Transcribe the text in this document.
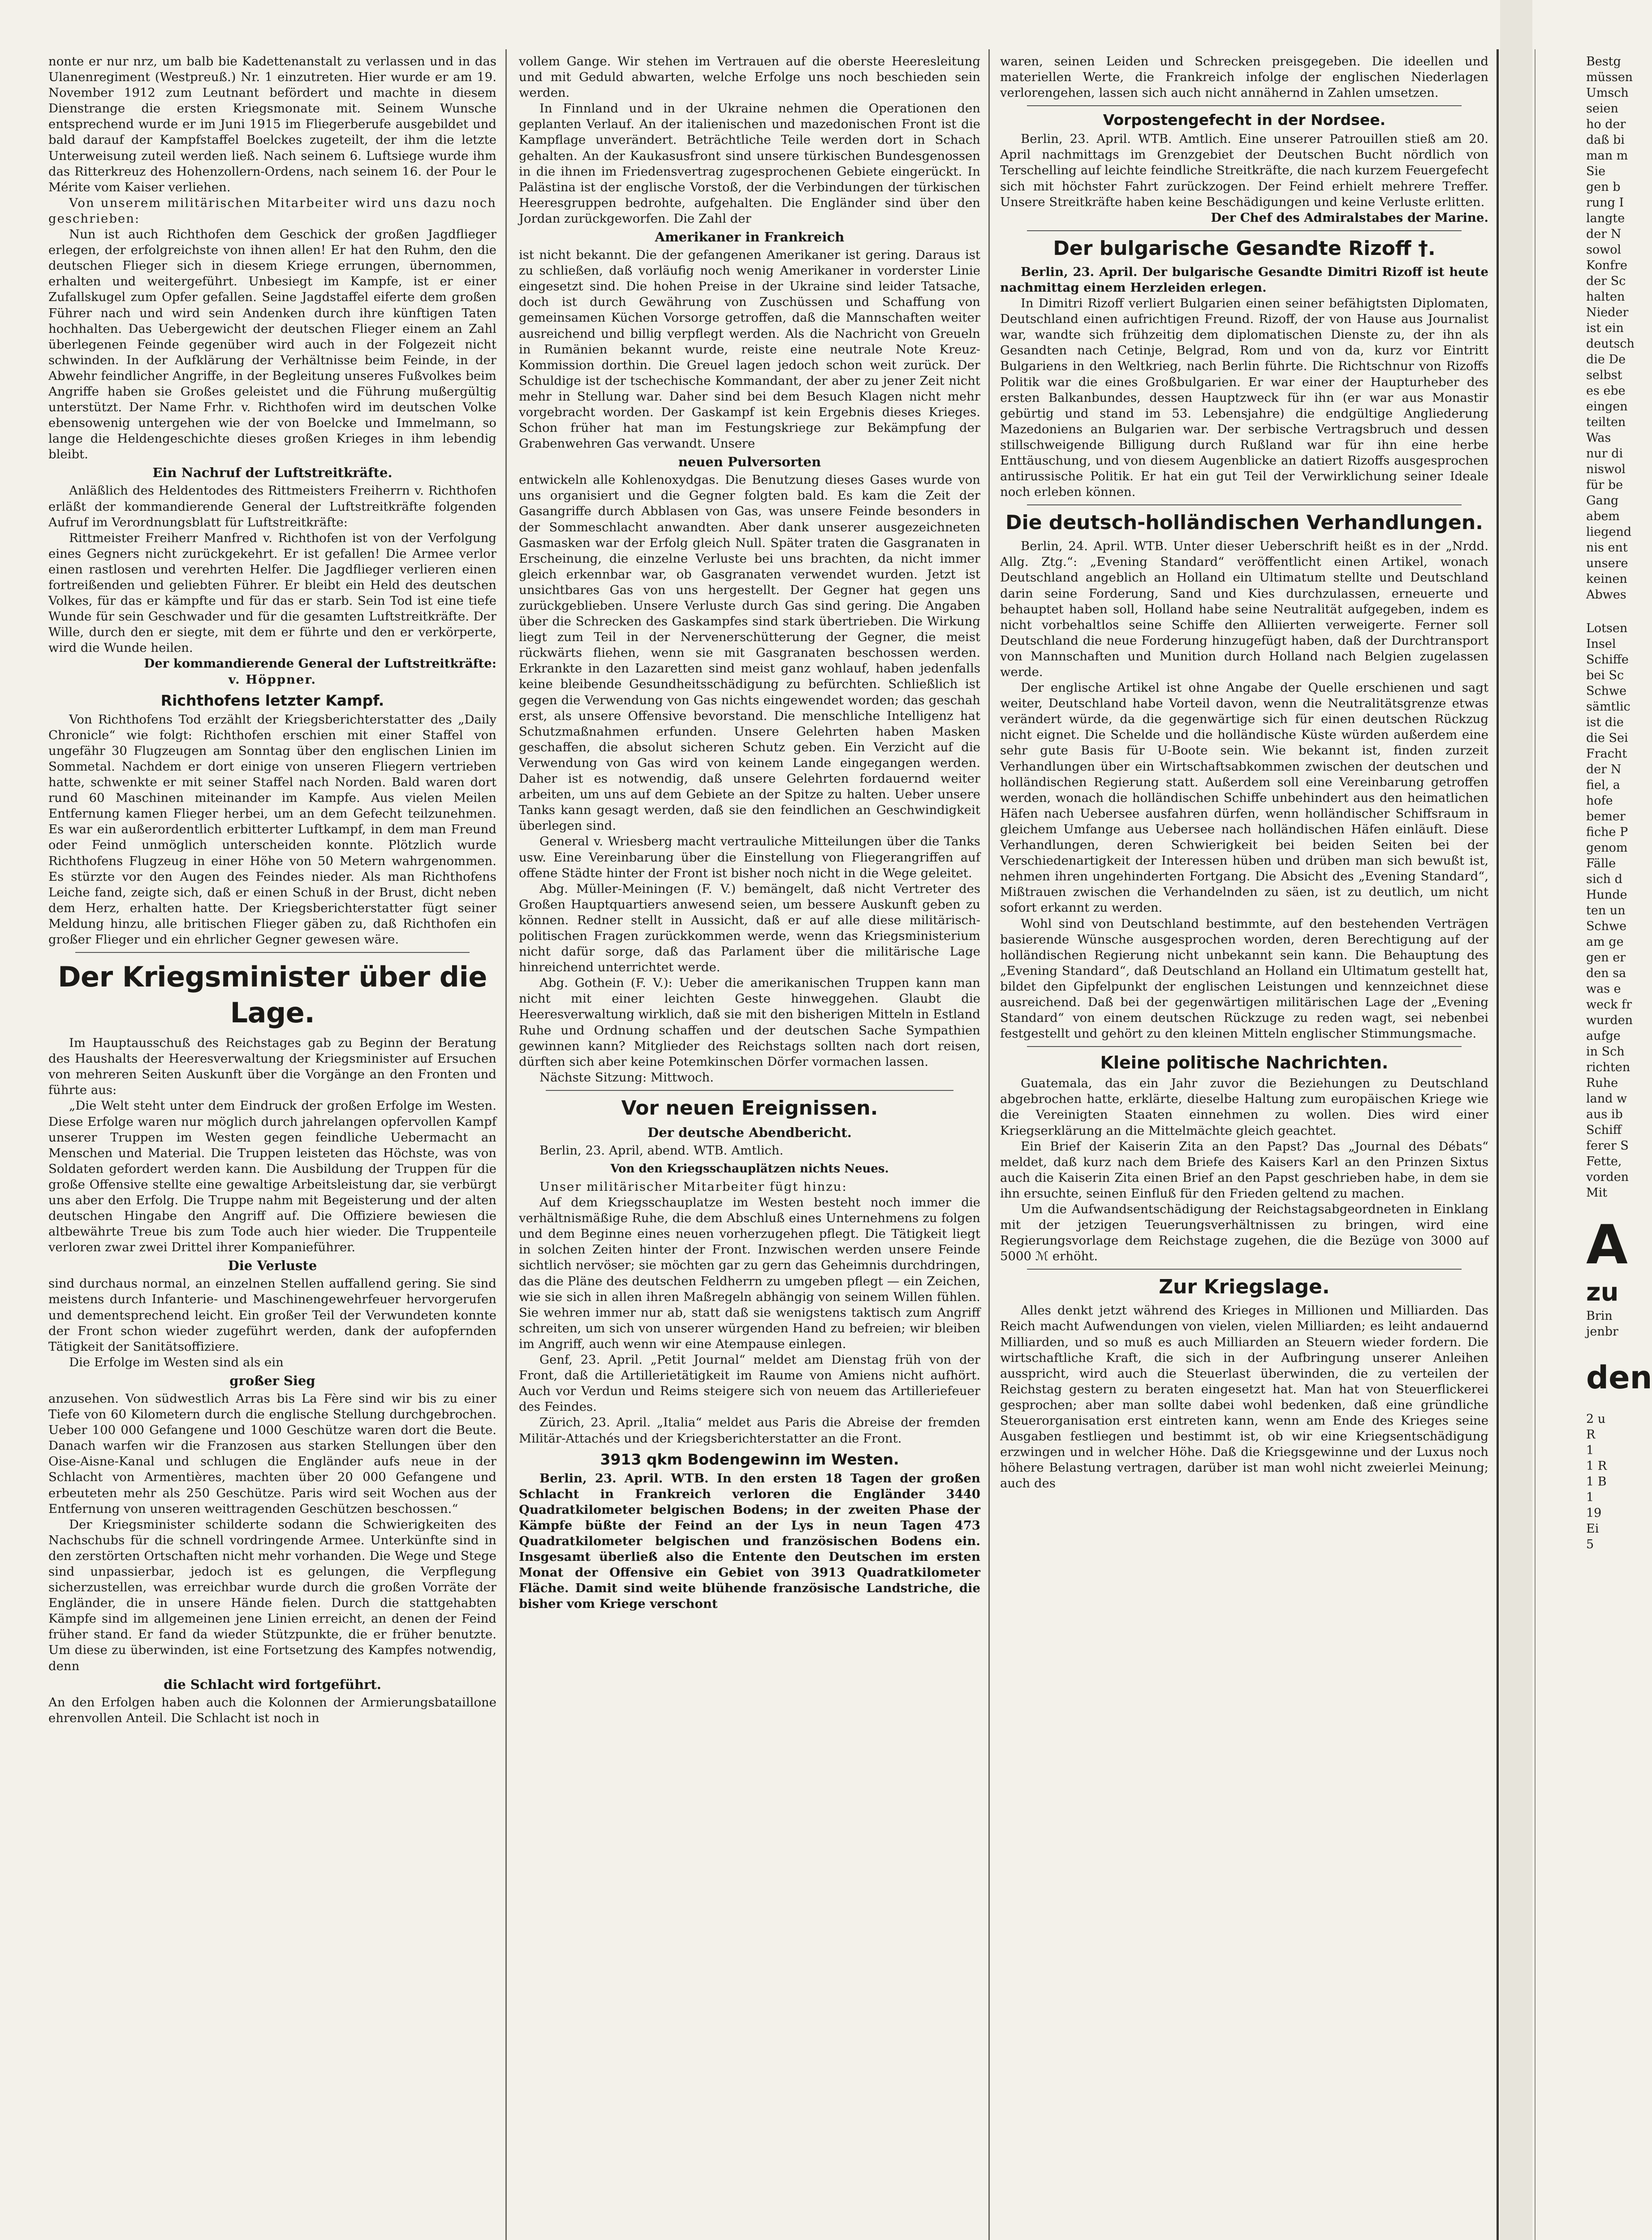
nonte er nur nrz, um balb bie Kadettenanstalt zu verlassen und in das Ulanenregiment (Westpreuß.) Nr. 1 einzutreten. Hier wurde er am 19. November 1912 zum Leutnant befördert und machte in diesem Dienstrange die ersten Kriegsmonate mit. Seinem Wunsche entsprechend wurde er im Juni 1915 im Fliegerberufe ausgebildet und bald darauf der Kampfstaffel Boelckes zugeteilt, der ihm die letzte Unterweisung zuteil werden ließ. Nach seinem 6. Luftsiege wurde ihm das Ritterkreuz des Hohenzollern-Ordens, nach seinem 16. der Pour le Mérite vom Kaiser verliehen.

Von unserem militärischen Mitarbeiter wird uns dazu noch geschrieben:

Nun ist auch Richthofen dem Geschick der großen Jagdflieger erlegen, der erfolgreichste von ihnen allen! Er hat den Ruhm, den die deutschen Flieger sich in diesem Kriege errungen, übernommen, erhalten und weitergeführt. Unbesiegt im Kampfe, ist er einer Zufallskugel zum Opfer gefallen. Seine Jagdstaffel eiferte dem großen Führer nach und wird sein Andenken durch ihre künftigen Taten hochhalten. Das Uebergewicht der deutschen Flieger einem an Zahl überlegenen Feinde gegenüber wird auch in der Folgezeit nicht schwinden. In der Aufklärung der Verhältnisse beim Feinde, in der Abwehr feindlicher Angriffe, in der Begleitung unseres Fußvolkes beim Angriffe haben sie Großes geleistet und die Führung mußergültig unterstützt. Der Name Frhr. v. Richthofen wird im deutschen Volke ebensowenig untergehen wie der von Boelcke und Immelmann, so lange die Heldengeschichte dieses großen Krieges in ihm lebendig bleibt.

Ein Nachruf der Luftstreitkräfte.

Anläßlich des Heldentodes des Rittmeisters Freiherrn v. Richthofen erläßt der kommandierende General der Luftstreitkräfte folgenden Aufruf im Verordnungsblatt für Luftstreitkräfte:

Rittmeister Freiherr Manfred v. Richthofen ist von der Verfolgung eines Gegners nicht zurückgekehrt. Er ist gefallen! Die Armee verlor einen rastlosen und verehrten Helfer. Die Jagdflieger verlieren einen fortreißenden und geliebten Führer. Er bleibt ein Held des deutschen Volkes, für das er kämpfte und für das er starb. Sein Tod ist eine tiefe Wunde für sein Geschwader und für die gesamten Luftstreitkräfte. Der Wille, durch den er siegte, mit dem er führte und den er verkörperte, wird die Wunde heilen.

Der kommandierende General der Luftstreitkräfte:

v. Höppner.

Richthofens letzter Kampf.

Von Richthofens Tod erzählt der Kriegsberichterstatter des „Daily Chronicle“ wie folgt: Richthofen erschien mit einer Staffel von ungefähr 30 Flugzeugen am Sonntag über den englischen Linien im Sommetal. Nachdem er dort einige von unseren Fliegern vertrieben hatte, schwenkte er mit seiner Staffel nach Norden. Bald waren dort rund 60 Maschinen miteinander im Kampfe. Aus vielen Meilen Entfernung kamen Flieger herbei, um an dem Gefecht teilzunehmen. Es war ein außerordentlich erbitterter Luftkampf, in dem man Freund oder Feind unmöglich unterscheiden konnte. Plötzlich wurde Richthofens Flugzeug in einer Höhe von 50 Metern wahrgenommen. Es stürzte vor den Augen des Feindes nieder. Als man Richthofens Leiche fand, zeigte sich, daß er einen Schuß in der Brust, dicht neben dem Herz, erhalten hatte. Der Kriegsberichterstatter fügt seiner Meldung hinzu, alle britischen Flieger gäben zu, daß Richthofen ein großer Flieger und ein ehrlicher Gegner gewesen wäre.

Der Kriegsminister über die Lage.

Im Hauptausschuß des Reichstages gab zu Beginn der Beratung des Haushalts der Heeresverwaltung der Kriegsminister auf Ersuchen von mehreren Seiten Auskunft über die Vorgänge an den Fronten und führte aus:

„Die Welt steht unter dem Eindruck der großen Erfolge im Westen. Diese Erfolge waren nur möglich durch jahrelangen opfervollen Kampf unserer Truppen im Westen gegen feindliche Uebermacht an Menschen und Material. Die Truppen leisteten das Höchste, was von Soldaten gefordert werden kann. Die Ausbildung der Truppen für die große Offensive stellte eine gewaltige Arbeitsleistung dar, sie verbürgt uns aber den Erfolg. Die Truppe nahm mit Begeisterung und der alten deutschen Hingabe den Angriff auf. Die Offiziere bewiesen die altbewährte Treue bis zum Tode auch hier wieder. Die Truppenteile verloren zwar zwei Drittel ihrer Kompanieführer.

Die Verluste

sind durchaus normal, an einzelnen Stellen auffallend gering. Sie sind meistens durch Infanterie- und Maschinengewehrfeuer hervorgerufen und dementsprechend leicht. Ein großer Teil der Verwundeten konnte der Front schon wieder zugeführt werden, dank der aufopfernden Tätigkeit der Sanitätsoffiziere.

Die Erfolge im Westen sind als ein

großer Sieg

anzusehen. Von südwestlich Arras bis La Fère sind wir bis zu einer Tiefe von 60 Kilometern durch die englische Stellung durchgebrochen. Ueber 100 000 Gefangene und 1000 Geschütze waren dort die Beute. Danach warfen wir die Franzosen aus starken Stellungen über den Oise-Aisne-Kanal und schlugen die Engländer aufs neue in der Schlacht von Armentières, machten über 20 000 Gefangene und erbeuteten mehr als 250 Geschütze. Paris wird seit Wochen aus der Entfernung von unseren weittragenden Geschützen beschossen.“

Der Kriegsminister schilderte sodann die Schwierigkeiten des Nachschubs für die schnell vordringende Armee. Unterkünfte sind in den zerstörten Ortschaften nicht mehr vorhanden. Die Wege und Stege sind unpassierbar, jedoch ist es gelungen, die Verpflegung sicherzustellen, was erreichbar wurde durch die großen Vorräte der Engländer, die in unsere Hände fielen. Durch die stattgehabten Kämpfe sind im allgemeinen jene Linien erreicht, an denen der Feind früher stand. Er fand da wieder Stützpunkte, die er früher benutzte. Um diese zu überwinden, ist eine Fortsetzung des Kampfes notwendig, denn

die Schlacht wird fortgeführt.

An den Erfolgen haben auch die Kolonnen der Armierungsbataillone ehrenvollen Anteil. Die Schlacht ist noch in

vollem Gange. Wir stehen im Vertrauen auf die oberste Heeresleitung und mit Geduld abwarten, welche Erfolge uns noch beschieden sein werden.

In Finnland und in der Ukraine nehmen die Operationen den geplanten Verlauf. An der italienischen und mazedonischen Front ist die Kampflage unverändert. Beträchtliche Teile werden dort in Schach gehalten. An der Kaukasusfront sind unsere türkischen Bundesgenossen in die ihnen im Friedensvertrag zugesprochenen Gebiete eingerückt. In Palästina ist der englische Vorstoß, der die Verbindungen der türkischen Heeresgruppen bedrohte, aufgehalten. Die Engländer sind über den Jordan zurückgeworfen. Die Zahl der

Amerikaner in Frankreich

ist nicht bekannt. Die der gefangenen Amerikaner ist gering. Daraus ist zu schließen, daß vorläufig noch wenig Amerikaner in vorderster Linie eingesetzt sind. Die hohen Preise in der Ukraine sind leider Tatsache, doch ist durch Gewährung von Zuschüssen und Schaffung von gemeinsamen Küchen Vorsorge getroffen, daß die Mannschaften weiter ausreichend und billig verpflegt werden. Als die Nachricht von Greueln in Rumänien bekannt wurde, reiste eine neutrale Note Kreuz-Kommission dorthin. Die Greuel lagen jedoch schon weit zurück. Der Schuldige ist der tschechische Kommandant, der aber zu jener Zeit nicht mehr in Stellung war. Daher sind bei dem Besuch Klagen nicht mehr vorgebracht worden. Der Gaskampf ist kein Ergebnis dieses Krieges. Schon früher hat man im Festungskriege zur Bekämpfung der Grabenwehren Gas verwandt. Unsere

neuen Pulversorten

entwickeln alle Kohlenoxydgas. Die Benutzung dieses Gases wurde von uns organisiert und die Gegner folgten bald. Es kam die Zeit der Gasangriffe durch Abblasen von Gas, was unsere Feinde besonders in der Sommeschlacht anwandten. Aber dank unserer ausgezeichneten Gasmasken war der Erfolg gleich Null. Später traten die Gasgranaten in Erscheinung, die einzelne Verluste bei uns brachten, da nicht immer gleich erkennbar war, ob Gasgranaten verwendet wurden. Jetzt ist unsichtbares Gas von uns hergestellt. Der Gegner hat gegen uns zurückgeblieben. Unsere Verluste durch Gas sind gering. Die Angaben über die Schrecken des Gaskampfes sind stark übertrieben. Die Wirkung liegt zum Teil in der Nervenerschütterung der Gegner, die meist rückwärts fliehen, wenn sie mit Gasgranaten beschossen werden. Erkrankte in den Lazaretten sind meist ganz wohlauf, haben jedenfalls keine bleibende Gesundheitsschädigung zu befürchten. Schließlich ist gegen die Verwendung von Gas nichts eingewendet worden; das geschah erst, als unsere Offensive bevorstand. Die menschliche Intelligenz hat Schutzmaßnahmen erfunden. Unsere Gelehrten haben Masken geschaffen, die absolut sicheren Schutz geben. Ein Verzicht auf die Verwendung von Gas wird von keinem Lande eingegangen werden. Daher ist es notwendig, daß unsere Gelehrten fordauernd weiter arbeiten, um uns auf dem Gebiete an der Spitze zu halten. Ueber unsere Tanks kann gesagt werden, daß sie den feindlichen an Geschwindigkeit überlegen sind.

General v. Wriesberg macht vertrauliche Mitteilungen über die Tanks usw. Eine Vereinbarung über die Einstellung von Fliegerangriffen auf offene Städte hinter der Front ist bisher noch nicht in die Wege geleitet.

Abg. Müller-Meiningen (F. V.) bemängelt, daß nicht Vertreter des Großen Hauptquartiers anwesend seien, um bessere Auskunft geben zu können. Redner stellt in Aussicht, daß er auf alle diese militärisch-politischen Fragen zurückkommen werde, wenn das Kriegsministerium nicht dafür sorge, daß das Parlament über die militärische Lage hinreichend unterrichtet werde.

Abg. Gothein (F. V.): Ueber die amerikanischen Truppen kann man nicht mit einer leichten Geste hinweggehen. Glaubt die Heeresverwaltung wirklich, daß sie mit den bisherigen Mitteln in Estland Ruhe und Ordnung schaffen und der deutschen Sache Sympathien gewinnen kann? Mitglieder des Reichstags sollten nach dort reisen, dürften sich aber keine Potemkinschen Dörfer vormachen lassen.

Nächste Sitzung: Mittwoch.

Vor neuen Ereignissen.
Der deutsche Abendbericht.

Berlin, 23. April, abend. WTB. Amtlich.

Von den Kriegsschauplätzen nichts Neues.

Unser militärischer Mitarbeiter fügt hinzu:

Auf dem Kriegsschauplatze im Westen besteht noch immer die verhältnismäßige Ruhe, die dem Abschluß eines Unternehmens zu folgen und dem Beginne eines neuen vorherzugehen pflegt. Die Tätigkeit liegt in solchen Zeiten hinter der Front. Inzwischen werden unsere Feinde sichtlich nervöser; sie möchten gar zu gern das Geheimnis durchdringen, das die Pläne des deutschen Feldherrn zu umgeben pflegt — ein Zeichen, wie sie sich in allen ihren Maßregeln abhängig von seinem Willen fühlen. Sie wehren immer nur ab, statt daß sie wenigstens taktisch zum Angriff schreiten, um sich von unserer würgenden Hand zu befreien; wir bleiben im Angriff, auch wenn wir eine Atempause einlegen.

Genf, 23. April. „Petit Journal“ meldet am Dienstag früh von der Front, daß die Artillerietätigkeit im Raume von Amiens nicht aufhört. Auch vor Verdun und Reims steigere sich von neuem das Artilleriefeuer des Feindes.

Zürich, 23. April. „Italia“ meldet aus Paris die Abreise der fremden Militär-Attachés und der Kriegsberichterstatter an die Front.

3913 qkm Bodengewinn im Westen.

Berlin, 23. April. WTB. In den ersten 18 Tagen der großen Schlacht in Frankreich verloren die Engländer 3440 Quadratkilometer belgischen Bodens; in der zweiten Phase der Kämpfe büßte der Feind an der Lys in neun Tagen 473 Quadratkilometer belgischen und französischen Bodens ein. Insgesamt überließ also die Entente den Deutschen im ersten Monat der Offensive ein Gebiet von 3913 Quadratkilometer Fläche. Damit sind weite blühende französische Landstriche, die bisher vom Kriege verschont

waren, seinen Leiden und Schrecken preisgegeben. Die ideellen und materiellen Werte, die Frankreich infolge der englischen Niederlagen verlorengehen, lassen sich auch nicht annähernd in Zahlen umsetzen.

Vorpostengefecht in der Nordsee.

Berlin, 23. April. WTB. Amtlich. Eine unserer Patrouillen stieß am 20. April nachmittags im Grenzgebiet der Deutschen Bucht nördlich von Terschelling auf leichte feindliche Streitkräfte, die nach kurzem Feuergefecht sich mit höchster Fahrt zurückzogen. Der Feind erhielt mehrere Treffer. Unsere Streitkräfte haben keine Beschädigungen und keine Verluste erlitten.

Der Chef des Admiralstabes der Marine.

Der bulgarische Gesandte Rizoff †.

Berlin, 23. April. Der bulgarische Gesandte Dimitri Rizoff ist heute nachmittag einem Herzleiden erlegen.

In Dimitri Rizoff verliert Bulgarien einen seiner befähigtsten Diplomaten, Deutschland einen aufrichtigen Freund. Rizoff, der von Hause aus Journalist war, wandte sich frühzeitig dem diplomatischen Dienste zu, der ihn als Gesandten nach Cetinje, Belgrad, Rom und von da, kurz vor Eintritt Bulgariens in den Weltkrieg, nach Berlin führte. Die Richtschnur von Rizoffs Politik war die eines Großbulgarien. Er war einer der Haupturheber des ersten Balkanbundes, dessen Hauptzweck für ihn (er war aus Monastir gebürtig und stand im 53. Lebensjahre) die endgültige Angliederung Mazedoniens an Bulgarien war. Der serbische Vertragsbruch und dessen stillschweigende Billigung durch Rußland war für ihn eine herbe Enttäuschung, und von diesem Augenblicke an datiert Rizoffs ausgesprochen antirussische Politik. Er hat ein gut Teil der Verwirklichung seiner Ideale noch erleben können.

Die deutsch-holländischen Verhandlungen.

Berlin, 24. April. WTB. Unter dieser Ueberschrift heißt es in der „Nrdd. Allg. Ztg.“: „Evening Standard“ veröffentlicht einen Artikel, wonach Deutschland angeblich an Holland ein Ultimatum stellte und Deutschland darin seine Forderung, Sand und Kies durchzulassen, erneuerte und behauptet haben soll, Holland habe seine Neutralität aufgegeben, indem es nicht vorbehaltlos seine Schiffe den Alliierten verweigerte. Ferner soll Deutschland die neue Forderung hinzugefügt haben, daß der Durchtransport von Mannschaften und Munition durch Holland nach Belgien zugelassen werde.

Der englische Artikel ist ohne Angabe der Quelle erschienen und sagt weiter, Deutschland habe Vorteil davon, wenn die Neutralitätsgrenze etwas verändert würde, da die gegenwärtige sich für einen deutschen Rückzug nicht eignet. Die Schelde und die holländische Küste würden außerdem eine sehr gute Basis für U-Boote sein. Wie bekannt ist, finden zurzeit Verhandlungen über ein Wirtschaftsabkommen zwischen der deutschen und holländischen Regierung statt. Außerdem soll eine Vereinbarung getroffen werden, wonach die holländischen Schiffe unbehindert aus den heimatlichen Häfen nach Uebersee ausfahren dürfen, wenn holländischer Schiffsraum in gleichem Umfange aus Uebersee nach holländischen Häfen einläuft. Diese Verhandlungen, deren Schwierigkeit bei beiden Seiten bei der Verschiedenartigkeit der Interessen hüben und drüben man sich bewußt ist, nehmen ihren ungehinderten Fortgang. Die Absicht des „Evening Standard“, Mißtrauen zwischen die Verhandelnden zu säen, ist zu deutlich, um nicht sofort erkannt zu werden.

Wohl sind von Deutschland bestimmte, auf den bestehenden Verträgen basierende Wünsche ausgesprochen worden, deren Berechtigung auf der holländischen Regierung nicht unbekannt sein kann. Die Behauptung des „Evening Standard“, daß Deutschland an Holland ein Ultimatum gestellt hat, bildet den Gipfelpunkt der englischen Leistungen und kennzeichnet diese ausreichend. Daß bei der gegenwärtigen militärischen Lage der „Evening Standard“ von einem deutschen Rückzuge zu reden wagt, sei nebenbei festgestellt und gehört zu den kleinen Mitteln englischer Stimmungsmache.

Kleine politische Nachrichten.

Guatemala, das ein Jahr zuvor die Beziehungen zu Deutschland abgebrochen hatte, erklärte, dieselbe Haltung zum europäischen Kriege wie die Vereinigten Staaten einnehmen zu wollen. Dies wird einer Kriegserklärung an die Mittelmächte gleich geachtet.

Ein Brief der Kaiserin Zita an den Papst? Das „Journal des Débats“ meldet, daß kurz nach dem Briefe des Kaisers Karl an den Prinzen Sixtus auch die Kaiserin Zita einen Brief an den Papst geschrieben habe, in dem sie ihn ersuchte, seinen Einfluß für den Frieden geltend zu machen.

Um die Aufwandsentschädigung der Reichstagsabgeordneten in Einklang mit der jetzigen Teuerungsverhältnissen zu bringen, wird eine Regierungsvorlage dem Reichstage zugehen, die die Bezüge von 3000 auf 5000 ℳ erhöht.

Zur Kriegslage.

Alles denkt jetzt während des Krieges in Millionen und Milliarden. Das Reich macht Aufwendungen von vielen, vielen Milliarden; es leiht andauernd Milliarden, und so muß es auch Milliarden an Steuern wieder fordern. Die wirtschaftliche Kraft, die sich in der Aufbringung unserer Anleihen ausspricht, wird auch die Steuerlast überwinden, die zu verteilen der Reichstag gestern zu beraten eingesetzt hat. Man hat von Steuerflickerei gesprochen; aber man sollte dabei wohl bedenken, daß eine gründliche Steuerorganisation erst eintreten kann, wenn am Ende des Krieges seine Ausgaben festliegen und bestimmt ist, ob wir eine Kriegsentschädigung erzwingen und in welcher Höhe. Daß die Kriegsgewinne und der Luxus noch höhere Belastung vertragen, darüber ist man wohl nicht zweierlei Meinung; auch des

Bestg

müssen

Umsch

seien

ho der

daß bi

man m

Sie

gen b

rung I

langte

der N

sowol

Konfre

der Sc

halten

Nieder

ist ein

deutsch

die De

selbst

es ebe

eingen

teilten

Was

nur di

niswol

für be

Gang

abem

liegend

nis ent

unsere

keinen

Abwes

Lotsen

Insel

Schiffe

bei Sc

Schwe

sämtlic

ist die

die Sei

Fracht

der N

fiel, a

hofe

bemer

fiche P

genom

Fälle

sich d

Hunde

ten un

Schwe

am ge

gen er

den sa

was e

weck fr

wurden

aufge

in Sch

richten

Ruhe

land w

aus ib

Schiff

ferer S

Fette,

vorden

Mit

A
zu

Brin

jenbr

den

2 u

R

1

1 R

1 B

1

19

Ei

5
